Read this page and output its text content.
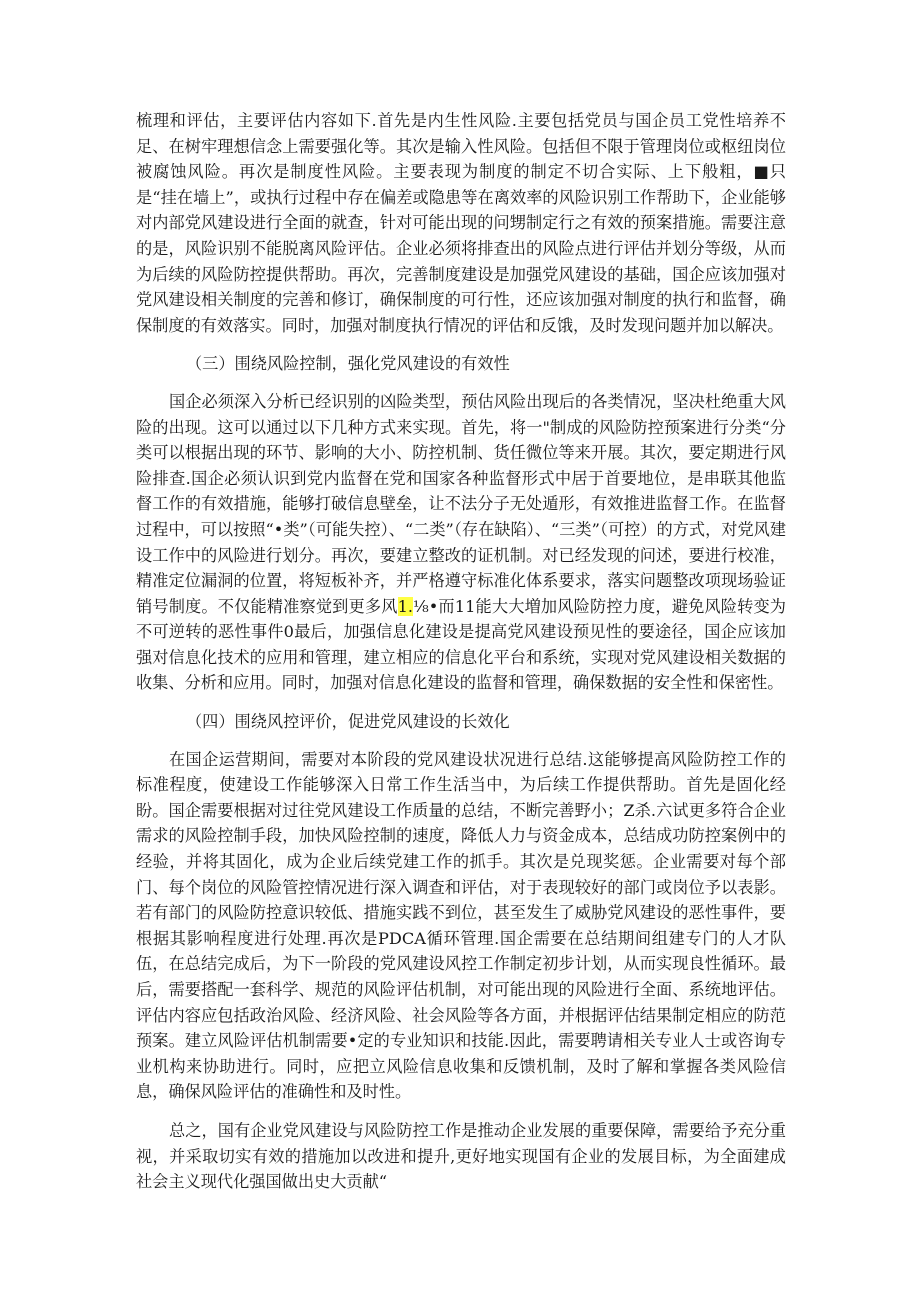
梳理和评估，主要评估内容如下.首先是内生性风险.主要包括党员与国企员工党性培养不足、在树牢理想信念上需要强化等。其次是输入性风险。包括但不限于管理岗位或枢纽岗位被腐蚀风险。再次是制度性风险。主要表现为制度的制定不切合实际、上下般粗，■只是“挂在墙上”，或执行过程中存在偏差或隐患等在离效率的风险识别工作帮助下，企业能够对内部党风建设进行全面的就查，针对可能出现的问甥制定行之有效的预案措施。需要注意的是，风险识别不能脱离风险评估。企业必须将排查出的风险点进行评估并划分等级，从而为后续的风险防控提供帮助。再次，完善制度建设是加强党风建设的基础，国企应该加强对党风建设相关制度的完善和修订，确保制度的可行性，还应该加强对制度的执行和监督，确保制度的有效落实。同时，加强对制度执行情况的评估和反饿，及时发现问题并加以解决。

（三）围绕风险控制，强化党风建设的有效性

国企必须深入分析已经识别的凶险类型，预估风险出现后的各类情况，坚决杜绝重大风险的出现。这可以通过以下几种方式来实现。首先，将一"制成的风险防控预案进行分类“分类可以根据出现的环节、影响的大小、防控机制、货任微位等来开展。其次，要定期进行风险排查.国企必须认识到党内监督在党和国家各种监督形式中居于首要地位，是串联其他监督工作的有效措施，能够打破信息壁垒，让不法分子无处遁形，有效推进监督工作。在监督过程中，可以按照“•类”（可能失控）、“二类”（存在缺陷）、“三类”（可控）的方式，对党风建设工作中的风险进行划分。再次，要建立整改的证机制。对已经发现的问述，要进行校准，精准定位漏洞的位置，将短板补齐，并严格遵守标准化体系要求，落实问题整改项现场验证销号制度。不仅能精准察觉到更多风1.⅛•而11能大大増加风险防控力度，避免风险转变为不可逆转的恶性事件0最后，加强信息化建设是提高党风建设预见性的要途径，国企应该加强对信息化技术的应用和管理，建立相应的信息化平台和系统，实现对党风建设相关数据的收集、分析和应用。同时，加强对信息化建设的监督和管理，确保数据的安全性和保密性。

（四）围绕风控评价，促进党风建设的长效化

在国企运营期间，需要对本阶段的党风建设状况进行总结.这能够提高风险防控工作的标准程度，使建设工作能够深入日常工作生活当中，为后续工作提供帮助。首先是固化经盼。国企需要根据对过往党风建设工作质量的总结，不断完善野小；Z杀.六试更多符合企业需求的风险控制手段，加快风险控制的速度，降低人力与资金成本，总结成功防控案例中的经验，并将其固化，成为企业后续党建工作的抓手。其次是兑现奖惩。企业需要对每个部门、每个岗位的风险管控情况进行深入调查和评估，对于表现较好的部门或岗位予以表影。若有部门的风险防控意识较低、措施实践不到位，甚至发生了威胁党风建设的恶性事件，要根据其影响程度进行处理.再次是PDCA循环管理.国企需要在总结期间组建专门的人才队伍，在总结完成后，为下一阶段的党风建设风控工作制定初步计划，从而实现良性循环。最后，需要搭配一套科学、规范的风险评估机制，对可能出现的风险进行全面、系统地评估。评估内容应包括政治风险、经济风险、社会风险等各方面，并根据评估结果制定相应的防范预案。建立风险评估机制需要•定的专业知识和技能.因此，需要聘请相关专业人士或咨询专业机构来协助进行。同时，应把立风险信息收集和反馈机制，及时了解和掌握各类风险信息，确保风险评估的准确性和及时性。

总之，国有企业党风建设与风险防控工作是推动企业发展的重要保障，需要给予充分重视，并采取切实有效的措施加以改进和提升,更好地实现国有企业的发展目标，为全面建成社会主义现代化强国做出史大贡献“
